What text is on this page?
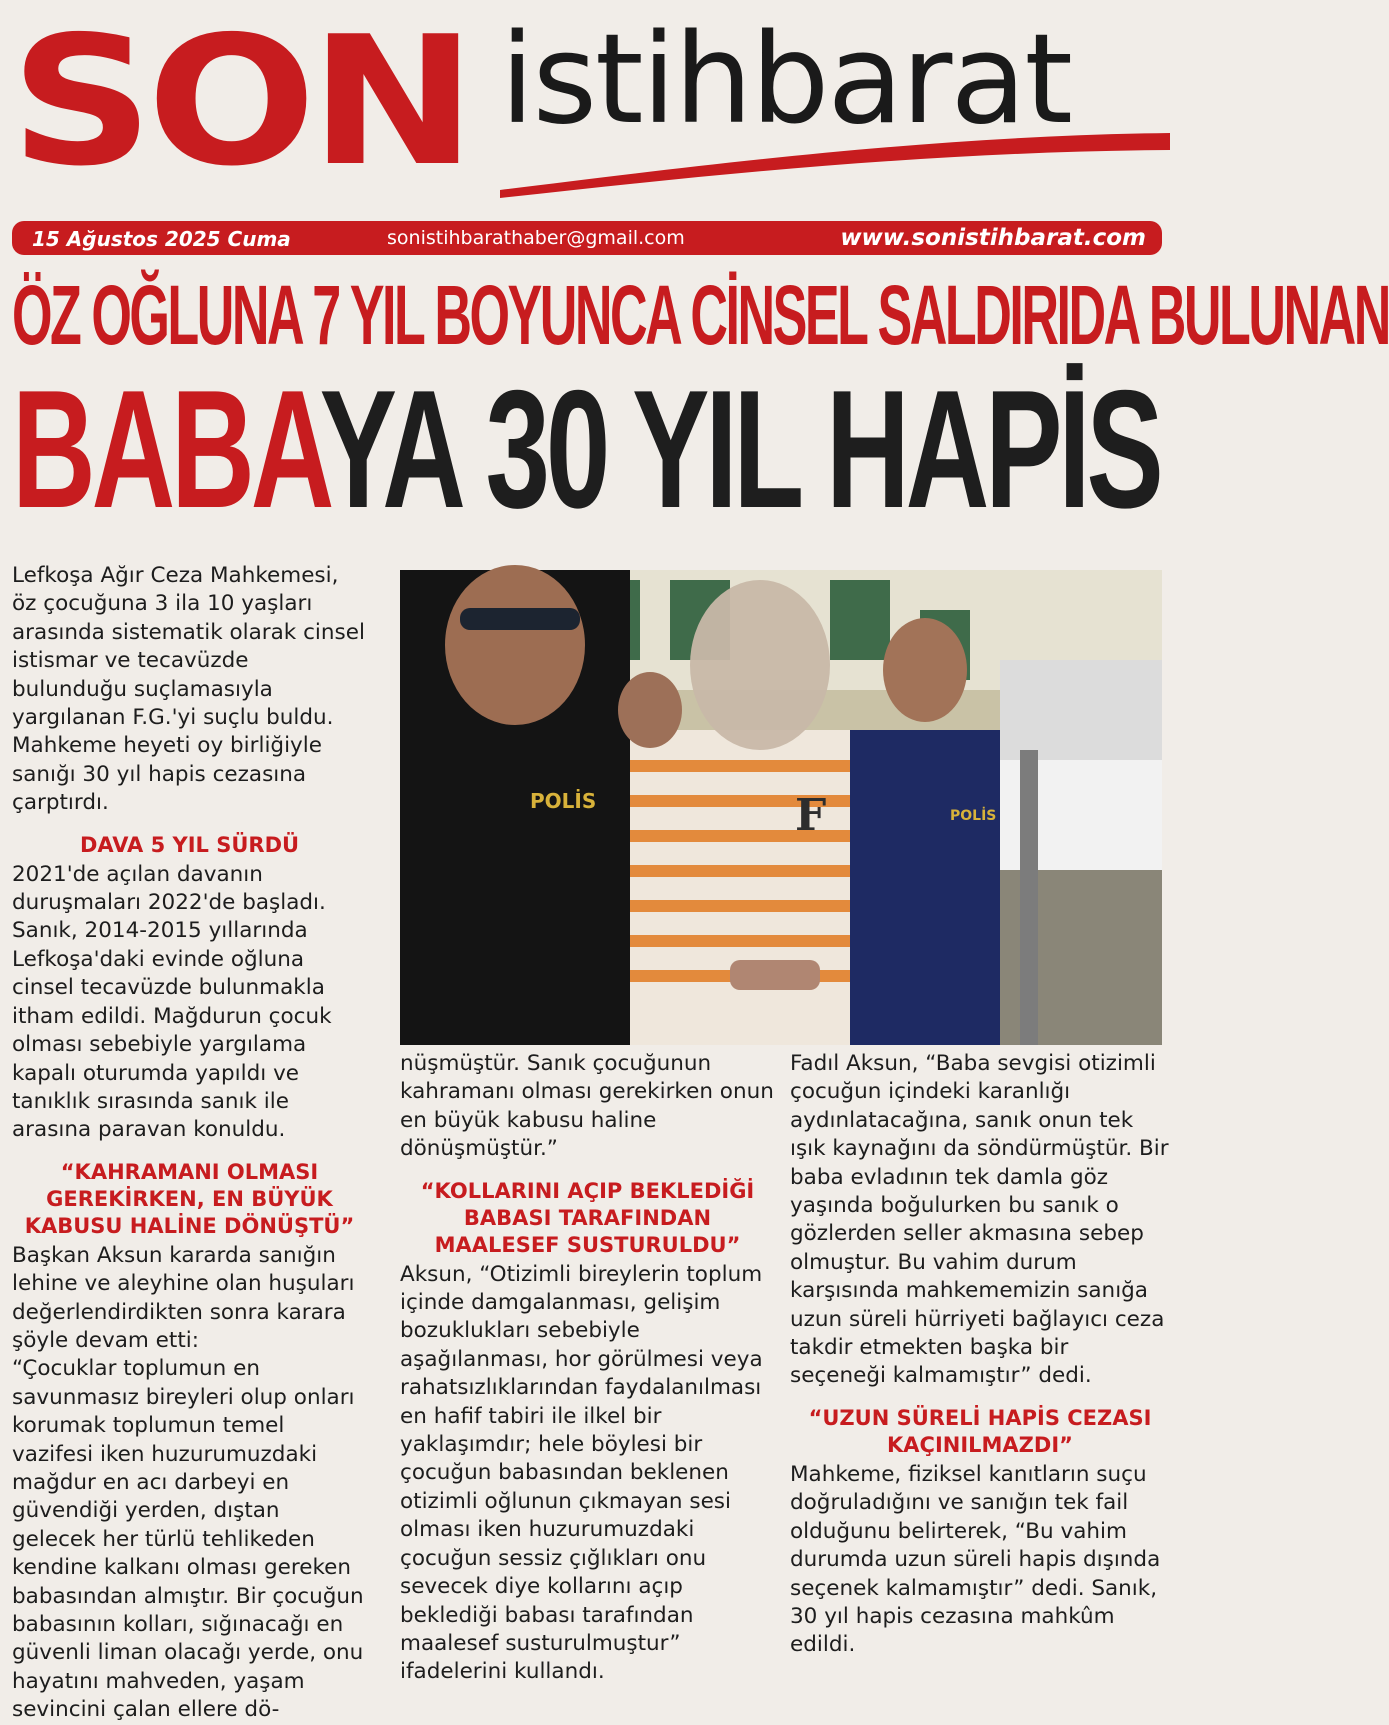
SON istihbarat
15 Ağustos 2025 Cuma	sonistihbarathaber@gmail.com	www.sonistihbarat.com
ÖZ OĞLUNA 7 YIL BOYUNCA CİNSEL SALDIRIDA BULUNAN
BABAYA 30 YIL HAPİS

Lefkoşa Ağır Ceza Mahkemesi, öz çocuğuna 3 ila 10 yaşları arasında sistematik olarak cinsel istismar ve tecavüzde bulunduğu suçlamasıyla yargılanan F.G.'yi suçlu buldu. Mahkeme heyeti oy birliğiyle sanığı 30 yıl hapis cezasına çarptırdı.

DAVA 5 YIL SÜRDÜ

2021'de açılan davanın duruşmaları 2022'de başladı. Sanık, 2014-2015 yıllarında Lefkoşa'daki evinde oğluna cinsel tecavüzde bulunmakla itham edildi. Mağdurun çocuk olması sebebiyle yargılama kapalı oturumda yapıldı ve tanıklık sırasında sanık ile arasına paravan konuldu.

“KAHRAMANI OLMASI GEREKİRKEN, EN BÜYÜK KABUSU HALİNE DÖNÜŞTÜ”

Başkan Aksun kararda sanığın lehine ve aleyhine olan huşuları değerlendirdikten sonra karara şöyle devam etti:

“Çocuklar toplumun en savunmasız bireyleri olup onları korumak toplumun temel vazifesi iken huzurumuzdaki mağdur en acı darbeyi en güvendiği yerden, dıştan gelecek her türlü tehlikeden kendine kalkanı olması gereken babasından almıştır. Bir çocuğun babasının kolları, sığınacağı en güvenli liman olacağı yerde, onu hayatını mahveden, yaşam sevincini çalan ellere dö-

POLİS	F	POLİS

nüşmüştür. Sanık çocuğunun kahramanı olması gerekirken onun en büyük kabusu haline dönüşmüştür.”

“KOLLARINI AÇIP BEKLEDİĞİ BABASI TARAFINDAN MAALESEF SUSTURULDU”

Aksun, “Otizimli bireylerin toplum içinde damgalanması, gelişim bozuklukları sebebiyle aşağılanması, hor görülmesi veya rahatsızlıklarından faydalanılması en hafif tabiri ile ilkel bir yaklaşımdır; hele böylesi bir çocuğun babasından beklenen otizimli oğlunun çıkmayan sesi olması iken huzurumuzdaki çocuğun sessiz çığlıkları onu sevecek diye kollarını açıp beklediği babası tarafından maalesef susturulmuştur” ifadelerini kullandı.

Fadıl Aksun, “Baba sevgisi otizimli çocuğun içindeki karanlığı aydınlatacağına, sanık onun tek ışık kaynağını da söndürmüştür. Bir baba evladının tek damla göz yaşında boğulurken bu sanık o gözlerden seller akmasına sebep olmuştur. Bu vahim durum karşısında mahkememizin sanığa uzun süreli hürriyeti bağlayıcı ceza takdir etmekten başka bir seçeneği kalmamıştır” dedi.

“UZUN SÜRELİ HAPİS CEZASI KAÇINILMAZDI”

Mahkeme, fiziksel kanıtların suçu doğruladığını ve sanığın tek fail olduğunu belirterek, “Bu vahim durumda uzun süreli hapis dışında seçenek kalmamıştır” dedi. Sanık, 30 yıl hapis cezasına mahkûm edildi.
